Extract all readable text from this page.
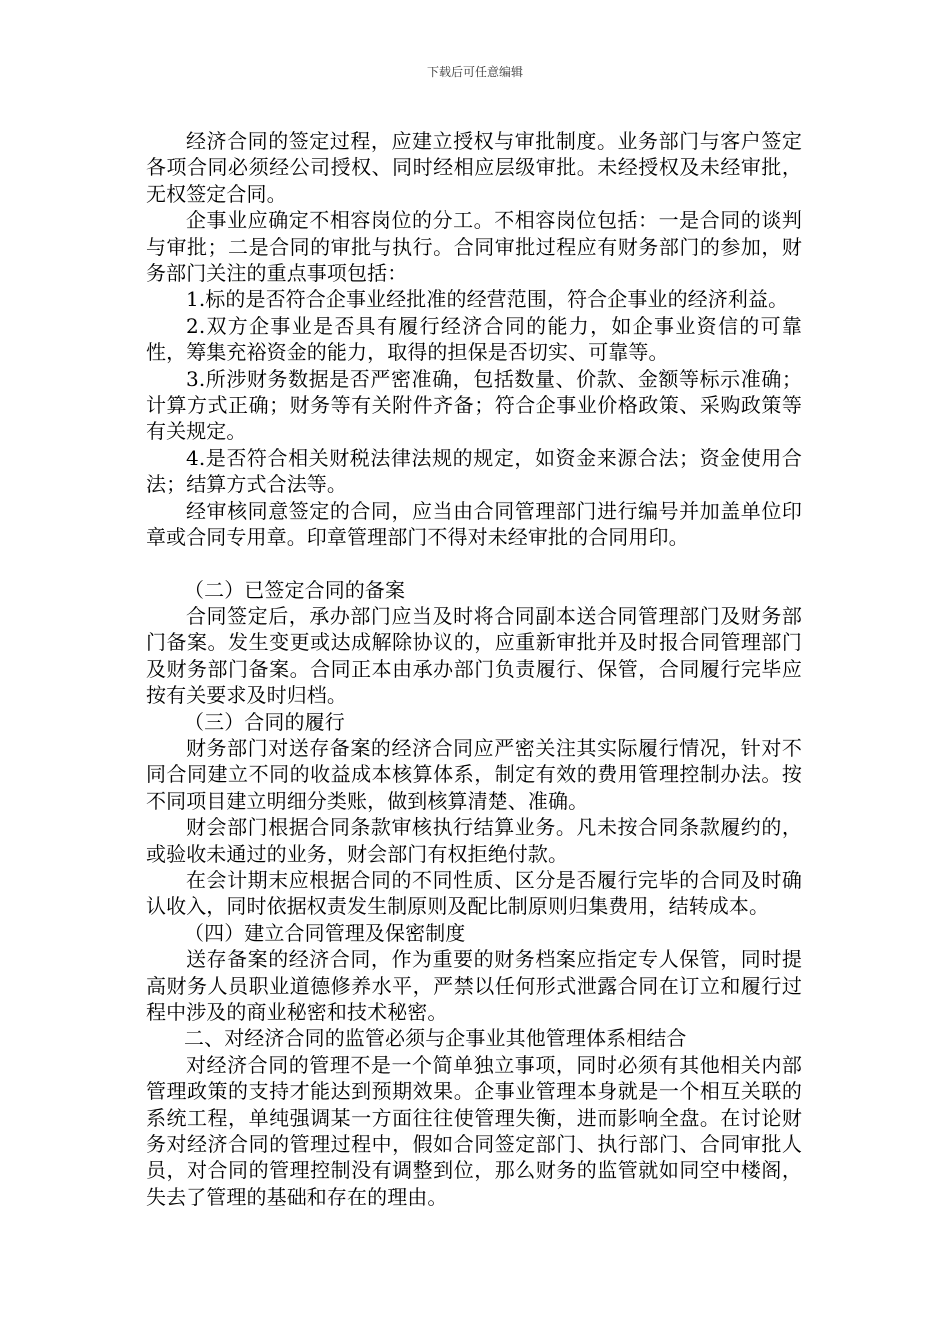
下载后可任意编辑

经济合同的签定过程，应建立授权与审批制度。业务部门与客户签定各项合同必须经公司授权、同时经相应层级审批。未经授权及未经审批，无权签定合同。

企事业应确定不相容岗位的分工。不相容岗位包括：一是合同的谈判与审批；二是合同的审批与执行。合同审批过程应有财务部门的参加，财务部门关注的重点事项包括：

1.标的是否符合企事业经批准的经营范围，符合企事业的经济利益。

2.双方企事业是否具有履行经济合同的能力，如企事业资信的可靠性，筹集充裕资金的能力，取得的担保是否切实、可靠等。

3.所涉财务数据是否严密准确，包括数量、价款、金额等标示准确；计算方式正确；财务等有关附件齐备；符合企事业价格政策、采购政策等有关规定。

4.是否符合相关财税法律法规的规定，如资金来源合法；资金使用合法；结算方式合法等。

经审核同意签定的合同，应当由合同管理部门进行编号并加盖单位印章或合同专用章。印章管理部门不得对未经审批的合同用印。

（二）已签定合同的备案

合同签定后，承办部门应当及时将合同副本送合同管理部门及财务部门备案。发生变更或达成解除协议的，应重新审批并及时报合同管理部门及财务部门备案。合同正本由承办部门负责履行、保管，合同履行完毕应按有关要求及时归档。

（三）合同的履行

财务部门对送存备案的经济合同应严密关注其实际履行情况，针对不同合同建立不同的收益成本核算体系，制定有效的费用管理控制办法。按不同项目建立明细分类账，做到核算清楚、准确。

财会部门根据合同条款审核执行结算业务。凡未按合同条款履约的，或验收未通过的业务，财会部门有权拒绝付款。

在会计期末应根据合同的不同性质、区分是否履行完毕的合同及时确认收入，同时依据权责发生制原则及配比制原则归集费用，结转成本。

（四）建立合同管理及保密制度

送存备案的经济合同，作为重要的财务档案应指定专人保管，同时提高财务人员职业道德修养水平，严禁以任何形式泄露合同在订立和履行过程中涉及的商业秘密和技术秘密。

二、对经济合同的监管必须与企事业其他管理体系相结合

对经济合同的管理不是一个简单独立事项，同时必须有其他相关内部管理政策的支持才能达到预期效果。企事业管理本身就是一个相互关联的系统工程，单纯强调某一方面往往使管理失衡，进而影响全盘。在讨论财务对经济合同的管理过程中，假如合同签定部门、执行部门、合同审批人员，对合同的管理控制没有调整到位，那么财务的监管就如同空中楼阁，失去了管理的基础和存在的理由。
